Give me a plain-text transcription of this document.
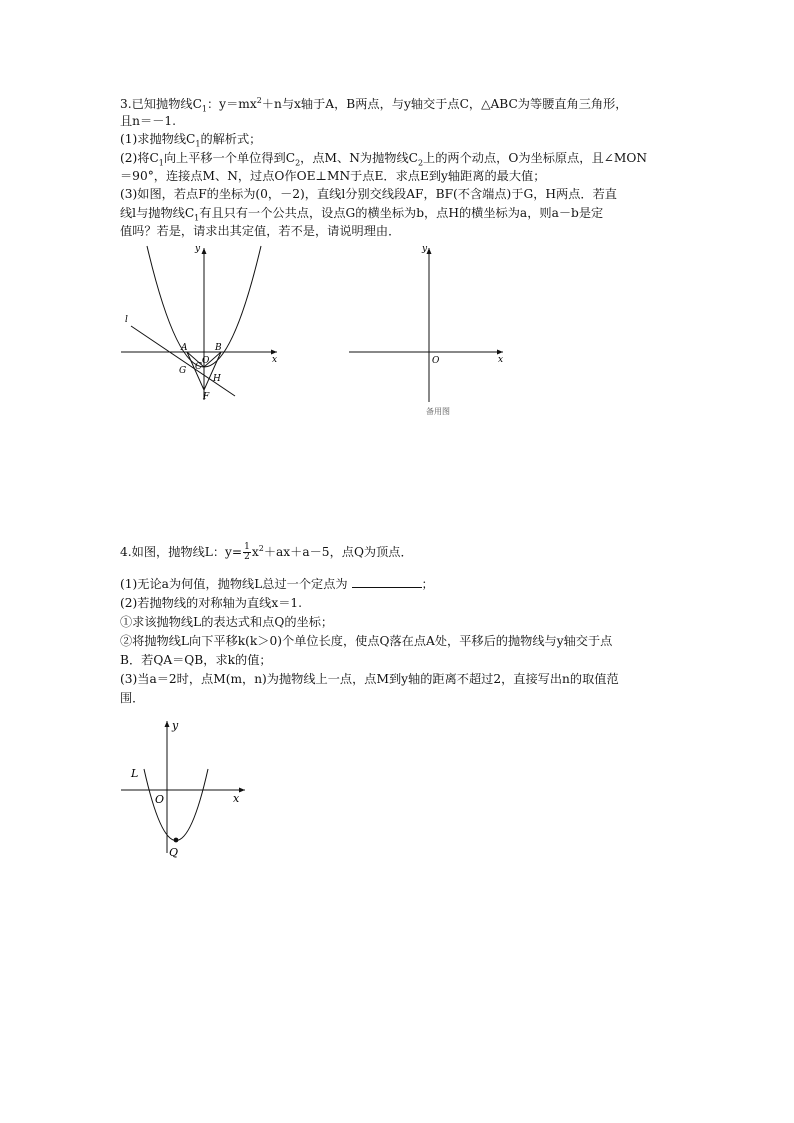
3.已知抛物线$C_1$：$y=mx^2+n$与x轴于A，B两点，与y轴交于点C，△ABC为等腰直角三角形，
且n＝－1.
(1)求抛物线$C_1$的解析式；
(2)将$C_1$向上平移一个单位得到$C_2$，点M、N为抛物线$C_2$上的两个动点，O为坐标原点，且∠MON
＝90°，连接点M、N，过点O作OE⊥MN于点E．求点E到y轴距离的最大值；
(3)如图，若点F的坐标为(0，－2)，直线l分别交线段AF，BF(不含端点)于G，H两点．若直
线l与抛物线$C_1$有且只有一个公共点，设点G的横坐标为b，点H的横坐标为a，则a－b是定
值吗？若是，请求出其定值，若不是，请说明理由．
y
x
O
A	B
C
G
H
F
l
y
x
O
备用图
4.如图，抛物线L：$y= \frac{1}{2} x^2+ax+a-5$，点Q为顶点．
(1)无论a为何值，抛物线L总过一个定点为	；
(2)若抛物线的对称轴为直线x＝1.
①求该抛物线L的表达式和点Q的坐标；
②将抛物线L向下平移k(k＞0)个单位长度，使点Q落在点A处，平移后的抛物线与y轴交于点
B．若QA＝QB，求k的值；
(3)当a＝2时，点M(m，n)为抛物线上一点，点M到y轴的距离不超过2，直接写出n的取值范
围．
y
x
O
L
Q
